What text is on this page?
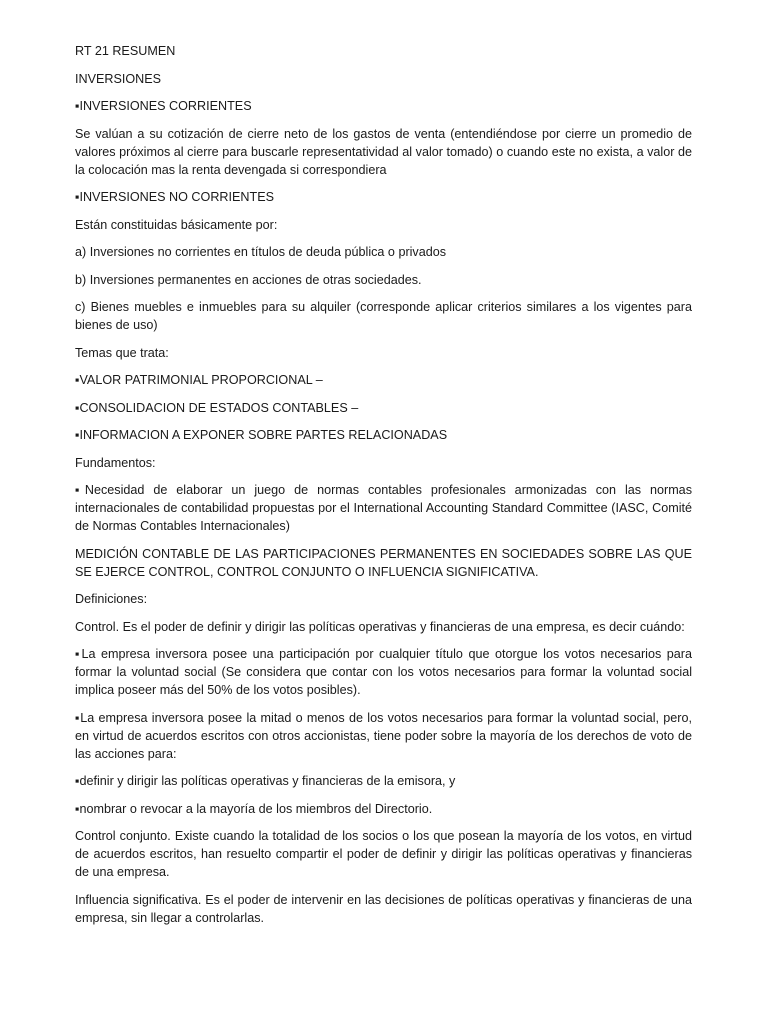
RT 21 RESUMEN

INVERSIONES

▪INVERSIONES CORRIENTES

Se valúan a su cotización de cierre neto de los gastos de venta (entendiéndose por cierre un promedio de valores próximos al cierre para buscarle representatividad al valor tomado) o cuando este no exista, a valor de la colocación mas la renta devengada si correspondiera

▪INVERSIONES NO CORRIENTES

Están constituidas básicamente por:

a) Inversiones no corrientes en títulos de deuda pública o privados

b) Inversiones permanentes en acciones de otras sociedades.

c) Bienes muebles e inmuebles para su alquiler (corresponde aplicar criterios similares a los vigentes para bienes de uso)

Temas que trata:

▪VALOR PATRIMONIAL PROPORCIONAL –

▪CONSOLIDACION DE ESTADOS CONTABLES –

▪INFORMACION A EXPONER SOBRE PARTES RELACIONADAS

Fundamentos:

▪Necesidad de elaborar un juego de normas contables profesionales armonizadas con las normas internacionales de contabilidad propuestas por el International Accounting Standard Committee (IASC, Comité de Normas Contables Internacionales)

MEDICIÓN CONTABLE DE LAS PARTICIPACIONES PERMANENTES EN SOCIEDADES SOBRE LAS QUE SE EJERCE CONTROL, CONTROL CONJUNTO O INFLUENCIA SIGNIFICATIVA.

Definiciones:

Control. Es el poder de definir y dirigir las políticas operativas y financieras de una empresa, es decir cuándo:

▪La empresa inversora posee una participación por cualquier título que otorgue los votos necesarios para formar la voluntad social (Se considera que contar con los votos necesarios para formar la voluntad social implica poseer más del 50% de los votos posibles).

▪La empresa inversora posee la mitad o menos de los votos necesarios para formar la voluntad social, pero, en virtud de acuerdos escritos con otros accionistas, tiene poder sobre la mayoría de los derechos de voto de las acciones para:

▪definir y dirigir las políticas operativas y financieras de la emisora, y

▪nombrar o revocar a la mayoría de los miembros del Directorio.

Control conjunto. Existe cuando la totalidad de los socios o los que posean la mayoría de los votos, en virtud de acuerdos escritos, han resuelto compartir el poder de definir y dirigir las políticas operativas y financieras de una empresa.

Influencia significativa. Es el poder de intervenir en las decisiones de políticas operativas y financieras de una empresa, sin llegar a controlarlas.
